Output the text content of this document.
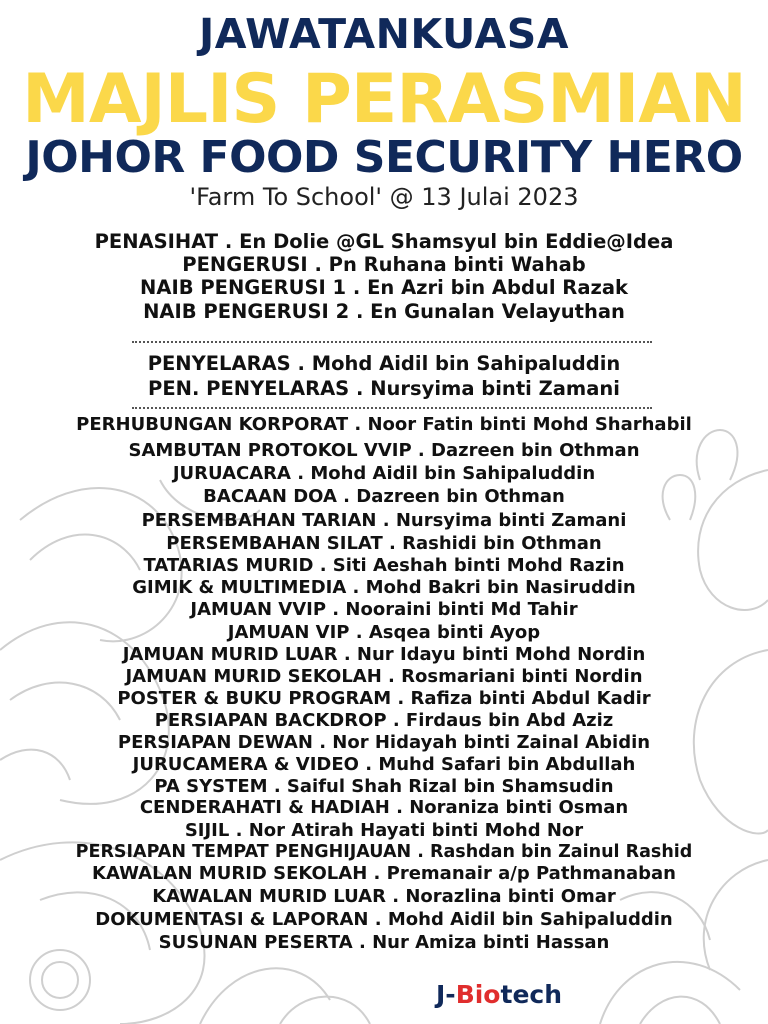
JAWATANKUASA
MAJLIS PERASMIAN
JOHOR FOOD SECURITY HERO
'Farm To School' @ 13 Julai 2023
PENASIHAT . En Dolie @GL Shamsyul bin Eddie@Idea
PENGERUSI . Pn Ruhana binti Wahab
NAIB PENGERUSI 1 . En Azri bin Abdul Razak
NAIB PENGERUSI 2 . En Gunalan Velayuthan
PENYELARAS . Mohd Aidil bin Sahipaluddin
PEN. PENYELARAS . Nursyima binti Zamani
PERHUBUNGAN KORPORAT . Noor Fatin binti Mohd Sharhabil
SAMBUTAN PROTOKOL VVIP . Dazreen bin Othman
JURUACARA . Mohd Aidil bin Sahipaluddin
BACAAN DOA . Dazreen bin Othman
PERSEMBAHAN TARIAN . Nursyima binti Zamani
PERSEMBAHAN SILAT . Rashidi bin Othman
TATARIAS MURID . Siti Aeshah binti Mohd Razin
GIMIK & MULTIMEDIA . Mohd Bakri bin Nasiruddin
JAMUAN VVIP . Nooraini binti Md Tahir
JAMUAN VIP . Asqea binti Ayop
JAMUAN MURID LUAR . Nur Idayu binti Mohd Nordin
JAMUAN MURID SEKOLAH . Rosmariani binti Nordin
POSTER & BUKU PROGRAM . Rafiza binti Abdul Kadir
PERSIAPAN BACKDROP . Firdaus bin Abd Aziz
PERSIAPAN DEWAN . Nor Hidayah binti Zainal Abidin
JURUCAMERA & VIDEO . Muhd Safari bin Abdullah
PA SYSTEM . Saiful Shah Rizal bin Shamsudin
CENDERAHATI & HADIAH . Noraniza binti Osman
SIJIL . Nor Atirah Hayati binti Mohd Nor
PERSIAPAN TEMPAT PENGHIJAUAN . Rashdan bin Zainul Rashid
KAWALAN MURID SEKOLAH . Premanair a/p Pathmanaban
KAWALAN MURID LUAR . Norazlina binti Omar
DOKUMENTASI & LAPORAN . Mohd Aidil bin Sahipaluddin
SUSUNAN PESERTA . Nur Amiza binti Hassan
J-Biotech
